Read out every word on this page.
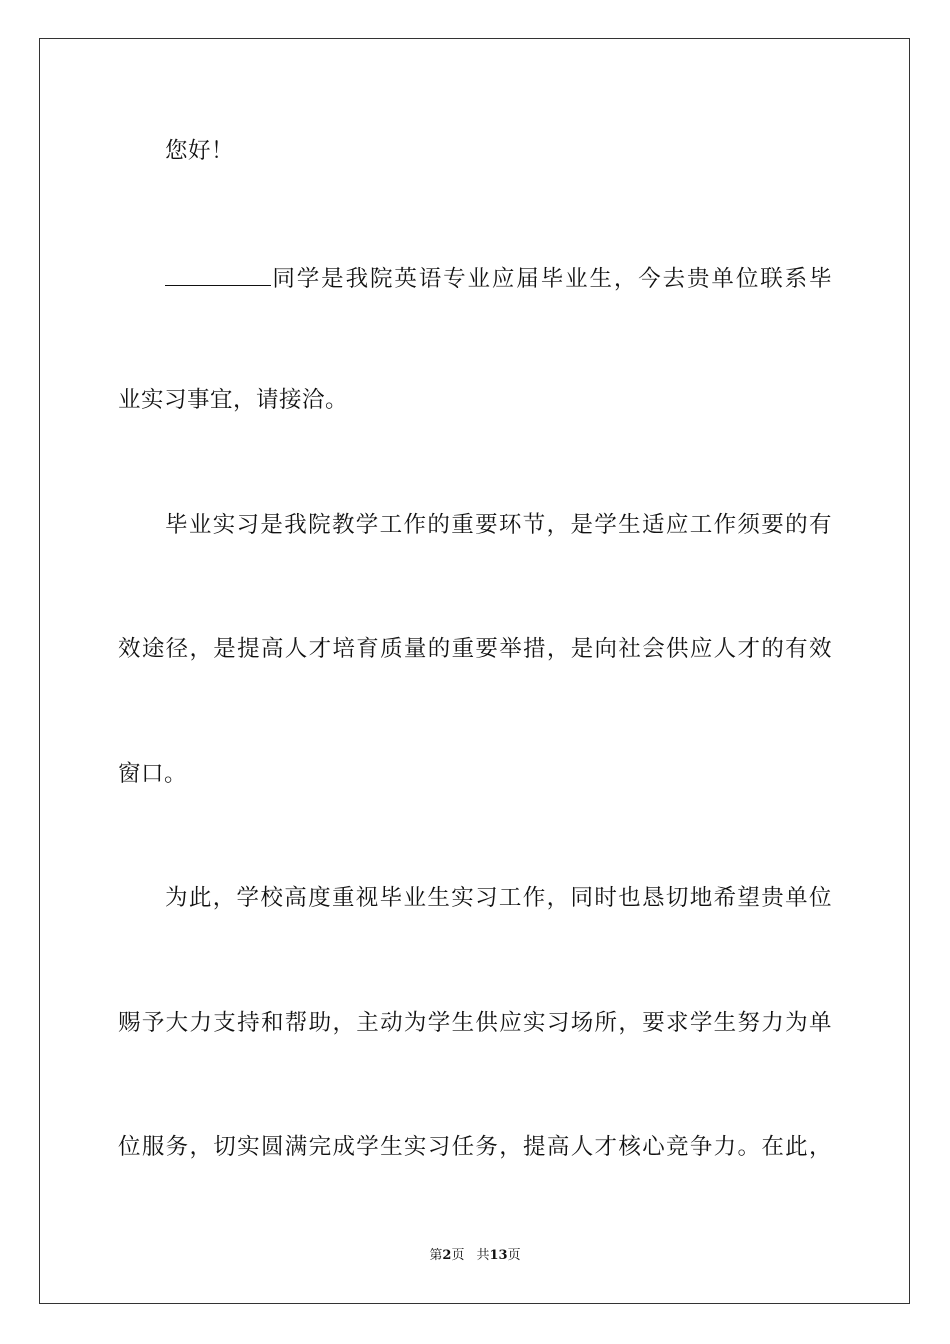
您好！
同学是我院英语专业应届毕业生，今去贵单位联系毕
业实习事宜，请接洽。
毕业实习是我院教学工作的重要环节，是学生适应工作须要的有
效途径，是提高人才培育质量的重要举措，是向社会供应人才的有效
窗口。
为此，学校高度重视毕业生实习工作，同时也恳切地希望贵单位
赐予大力支持和帮助，主动为学生供应实习场所，要求学生努力为单
位服务，切实圆满完成学生实习任务，提高人才核心竞争力。在此，
第2页 共13页
